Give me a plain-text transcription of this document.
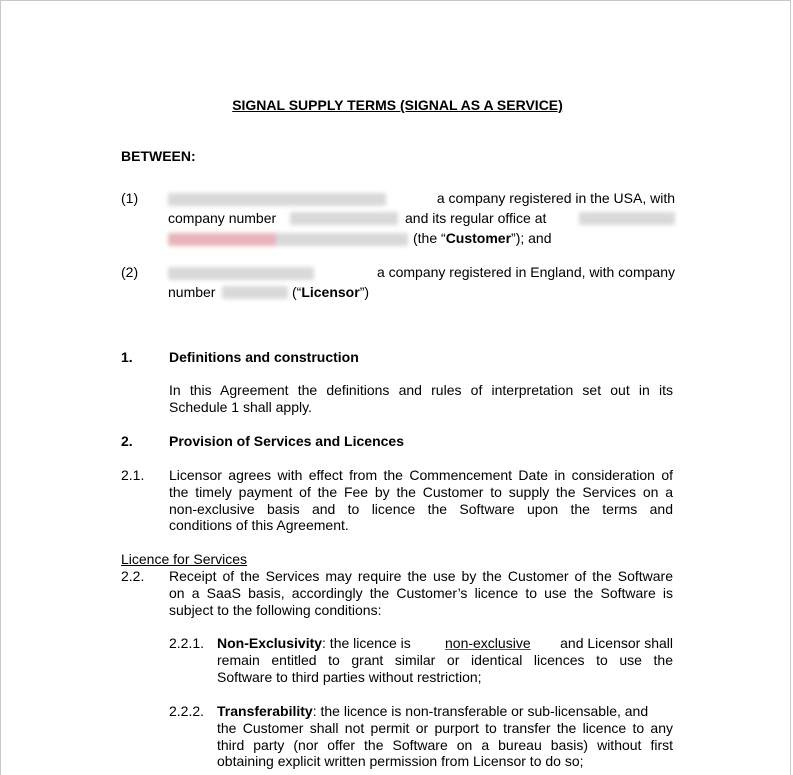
SIGNAL SUPPLY TERMS (SIGNAL AS A SERVICE)
BETWEEN:
(1)	a company registered in the USA, with
company number	and its regular office at
(the “Customer”); and
(2)	a company registered in England, with company
number	(“Licensor”)
1.	Definitions and construction
In this Agreement the definitions and rules of interpretation set out in its
Schedule 1 shall apply.
2.	Provision of Services and Licences
2.1. Licensor agrees with effect from the Commencement Date in consideration of
the timely payment of the Fee by the Customer to supply the Services on a
non-exclusive basis and to licence the Software upon the terms and
conditions of this Agreement.
Licence for Services
2.2. Receipt of the Services may require the use by the Customer of the Software
on a SaaS basis, accordingly the Customer’s licence to use the Software is
subject to the following conditions:
2.2.1. Non-Exclusivity: the licence is non-exclusive and Licensor shall
remain entitled to grant similar or identical licences to use the
Software to third parties without restriction;
2.2.2. Transferability: the licence is non-transferable or sub-licensable, and
the Customer shall not permit or purport to transfer the licence to any
third party (nor offer the Software on a bureau basis) without first
obtaining explicit written permission from Licensor to do so;
